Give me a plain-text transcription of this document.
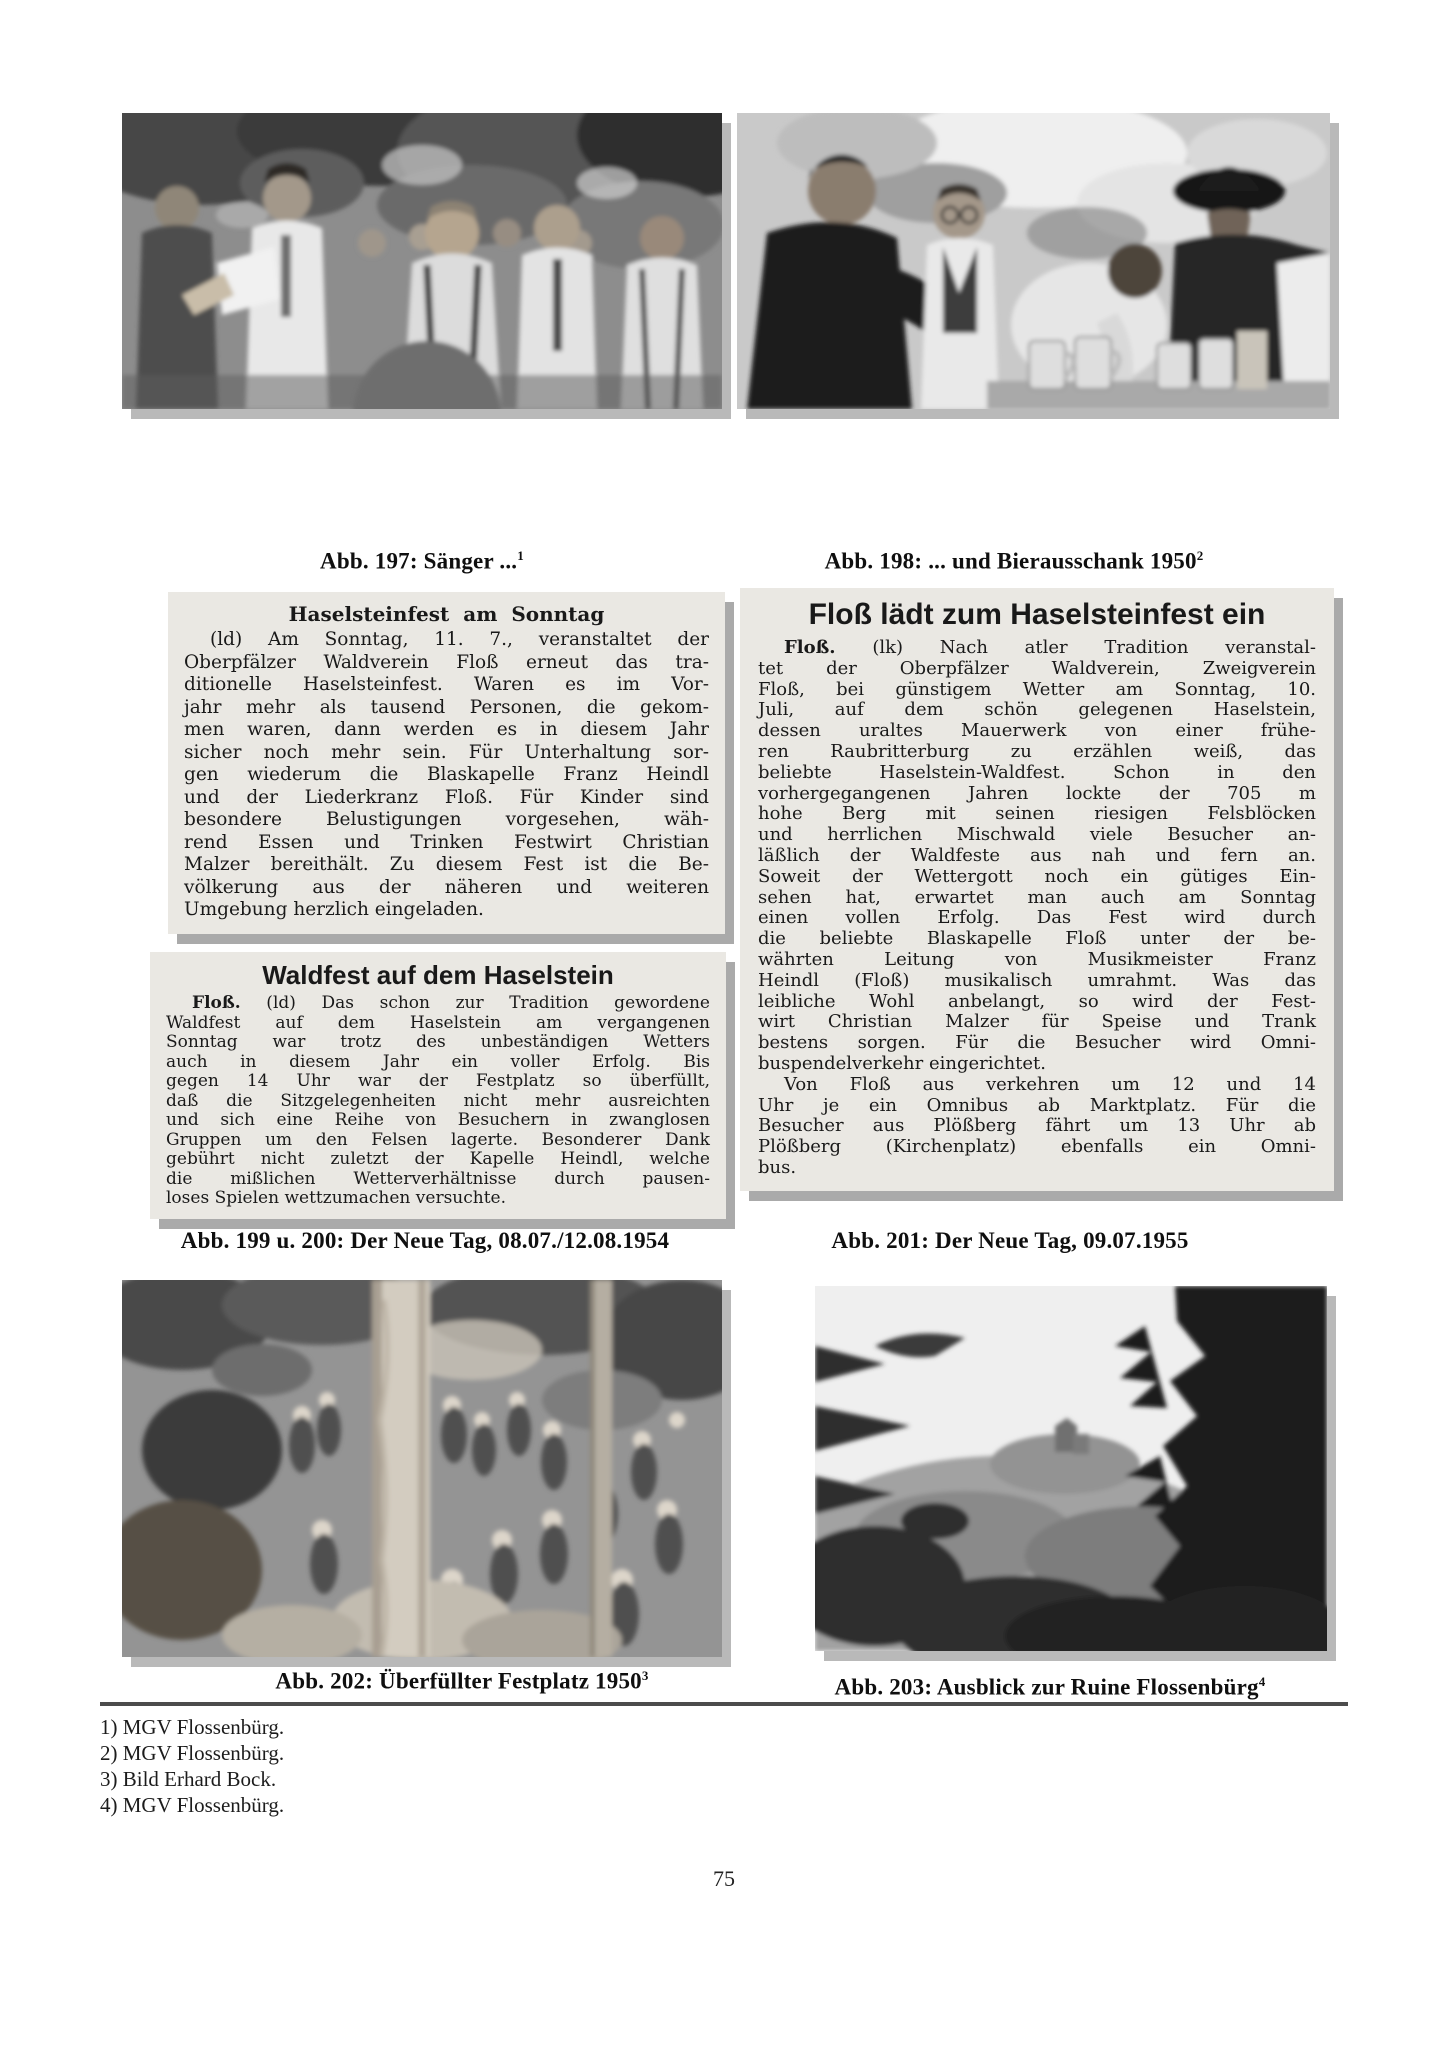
Abb. 197: Sänger ...$^1$	Abb. 198: ... und Bierausschank 1950$^2$
Haselsteinfest am Sonntag
(ld) Am Sonntag, 11. 7., veranstaltet der
Oberpfälzer Waldverein Floß erneut das tra-
ditionelle Haselsteinfest. Waren es im Vor-
jahr mehr als tausend Personen, die gekom-
men waren, dann werden es in diesem Jahr
sicher noch mehr sein. Für Unterhaltung sor-
gen wiederum die Blaskapelle Franz Heindl
und der Liederkranz Floß. Für Kinder sind
besondere Belustigungen vorgesehen, wäh-
rend Essen und Trinken Festwirt Christian
Malzer bereithält. Zu diesem Fest ist die Be-
völkerung aus der näheren und weiteren
Umgebung herzlich eingeladen.
Waldfest auf dem Haselstein
Floß. (ld) Das schon zur Tradition gewordene
Waldfest auf dem Haselstein am vergangenen
Sonntag war trotz des unbeständigen Wetters
auch in diesem Jahr ein voller Erfolg. Bis
gegen 14 Uhr war der Festplatz so überfüllt,
daß die Sitzgelegenheiten nicht mehr ausreichten
und sich eine Reihe von Besuchern in zwanglosen
Gruppen um den Felsen lagerte. Besonderer Dank
gebührt nicht zuletzt der Kapelle Heindl, welche
die mißlichen Wetterverhältnisse durch pausen-
loses Spielen wettzumachen versuchte.
Floß lädt zum Haselsteinfest ein
Floß. (lk) Nach atler Tradition veranstal-
tet der Oberpfälzer Waldverein, Zweigverein
Floß, bei günstigem Wetter am Sonntag, 10.
Juli, auf dem schön gelegenen Haselstein,
dessen uraltes Mauerwerk von einer frühe-
ren Raubritterburg zu erzählen weiß, das
beliebte Haselstein-Waldfest. Schon in den
vorhergegangenen Jahren lockte der 705 m
hohe Berg mit seinen riesigen Felsblöcken
und herrlichen Mischwald viele Besucher an-
läßlich der Waldfeste aus nah und fern an.
Soweit der Wettergott noch ein gütiges Ein-
sehen hat, erwartet man auch am Sonntag
einen vollen Erfolg. Das Fest wird durch
die beliebte Blaskapelle Floß unter der be-
währten Leitung von Musikmeister Franz
Heindl (Floß) musikalisch umrahmt. Was das
leibliche Wohl anbelangt, so wird der Fest-
wirt Christian Malzer für Speise und Trank
bestens sorgen. Für die Besucher wird Omni-
buspendelverkehr eingerichtet.
Von Floß aus verkehren um 12 und 14
Uhr je ein Omnibus ab Marktplatz. Für die
Besucher aus Plößberg fährt um 13 Uhr ab
Plößberg (Kirchenplatz) ebenfalls ein Omni-
bus.
Abb. 199 u. 200: Der Neue Tag, 08.07./12.08.1954	Abb. 201: Der Neue Tag, 09.07.1955
Abb. 202: Überfüllter Festplatz 1950$^3$	Abb. 203: Ausblick zur Ruine Flossenbürg$^4$
1) MGV Flossenbürg.
2) MGV Flossenbürg.
3) Bild Erhard Bock.
4) MGV Flossenbürg.
75
